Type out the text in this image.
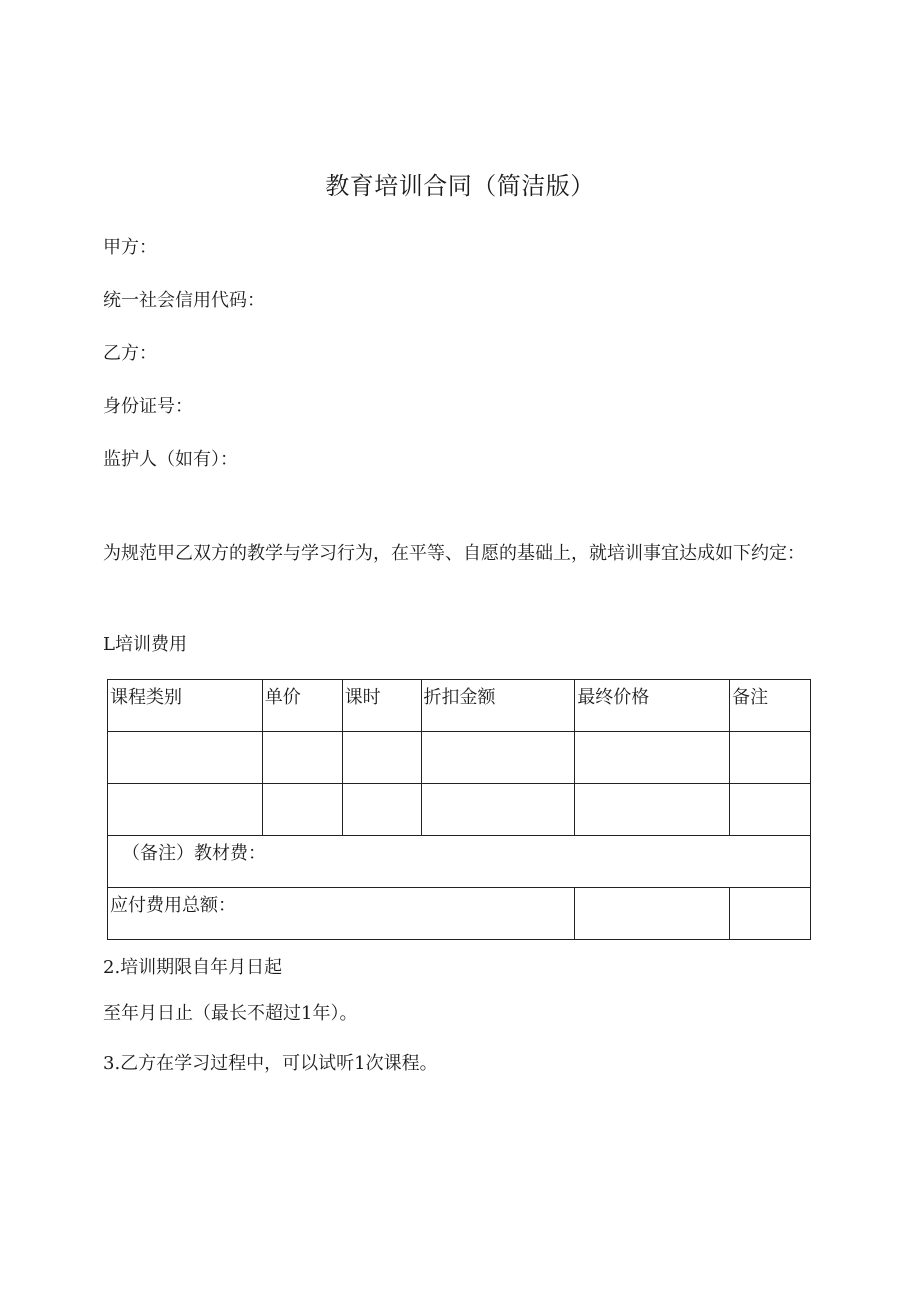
教育培训合同（简洁版）
甲方：
统一社会信用代码：
乙方：
身份证号：
监护人（如有）：
为规范甲乙双方的教学与学习行为，在平等、自愿的基础上，就培训事宜达成如下约定：
L培训费用
课程类别	单价	课时	折扣金额	最终价格	备注

（备注）教材费：					
应付费用总额：					
2.培训期限自年月日起
至年月日止（最长不超过1年）。
3.乙方在学习过程中，可以试听1次课程。
